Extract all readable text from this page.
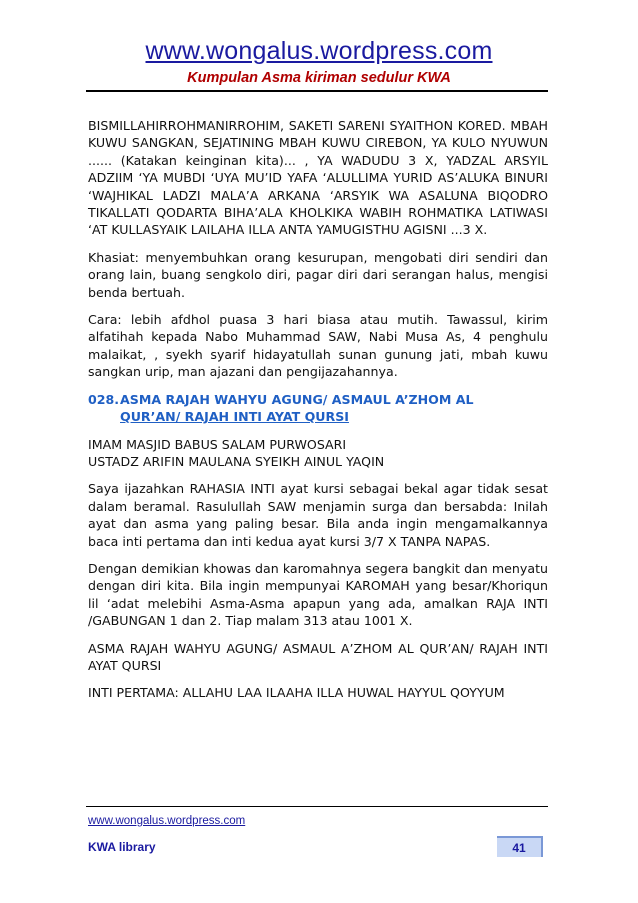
www.wongalus.wordpress.com
Kumpulan Asma kiriman sedulur KWA

BISMILLAHIRROHMANIRROHIM, SAKETI SARENI SYAITHON KORED. MBAH KUWU SANGKAN, SEJATINING MBAH KUWU CIREBON, YA KULO NYUWUN ...... (Katakan keinginan kita)... , YA WADUDU 3 X, YADZAL ARSYIL ADZIIM ‘YA MUBDI ‘UYA MU’ID YAFA ‘ALULLIMA YURID AS’ALUKA BINURI ‘WAJHIKAL LADZI MALA’A ARKANA ‘ARSYIK WA ASALUNA BIQODRO TIKALLATI QODARTA BIHA’ALA KHOLKIKA WABIH ROHMATIKA LATIWASI ‘AT KULLASYAIK LAILAHA ILLA ANTA YAMUGISTHU AGISNI ...3 X.

Khasiat: menyembuhkan orang kesurupan, mengobati diri sendiri dan orang lain, buang sengkolo diri, pagar diri dari serangan halus, mengisi benda bertuah.

Cara: lebih afdhol puasa 3 hari biasa atau mutih. Tawassul, kirim alfatihah kepada Nabo Muhammad SAW, Nabi Musa As, 4 penghulu malaikat, , syekh syarif hidayatullah sunan gunung jati, mbah kuwu sangkan urip, man ajazani dan pengijazahannya.

028. ASMA RAJAH WAHYU AGUNG/ ASMAUL A’ZHOM AL
QUR’AN/ RAJAH INTI AYAT QURSI

IMAM MASJID BABUS SALAM PURWOSARI

USTADZ ARIFIN MAULANA SYEIKH AINUL YAQIN

Saya ijazahkan RAHASIA INTI ayat kursi sebagai bekal agar tidak sesat dalam beramal. Rasulullah SAW menjamin surga dan bersabda: Inilah ayat dan asma yang paling besar. Bila anda ingin mengamalkannya baca inti pertama dan inti kedua ayat kursi 3/7 X TANPA NAPAS.

Dengan demikian khowas dan karomahnya segera bangkit dan menyatu dengan diri kita. Bila ingin mempunyai KAROMAH yang besar/Khoriqun lil ‘adat melebihi Asma-Asma apapun yang ada, amalkan RAJA INTI /GABUNGAN 1 dan 2. Tiap malam 313 atau 1001 X.

ASMA RAJAH WAHYU AGUNG/ ASMAUL A’ZHOM AL QUR’AN/ RAJAH INTI AYAT QURSI

INTI PERTAMA: ALLAHU LAA ILAAHA ILLA HUWAL HAYYUL QOYYUM

www.wongalus.wordpress.com
KWA library	41
